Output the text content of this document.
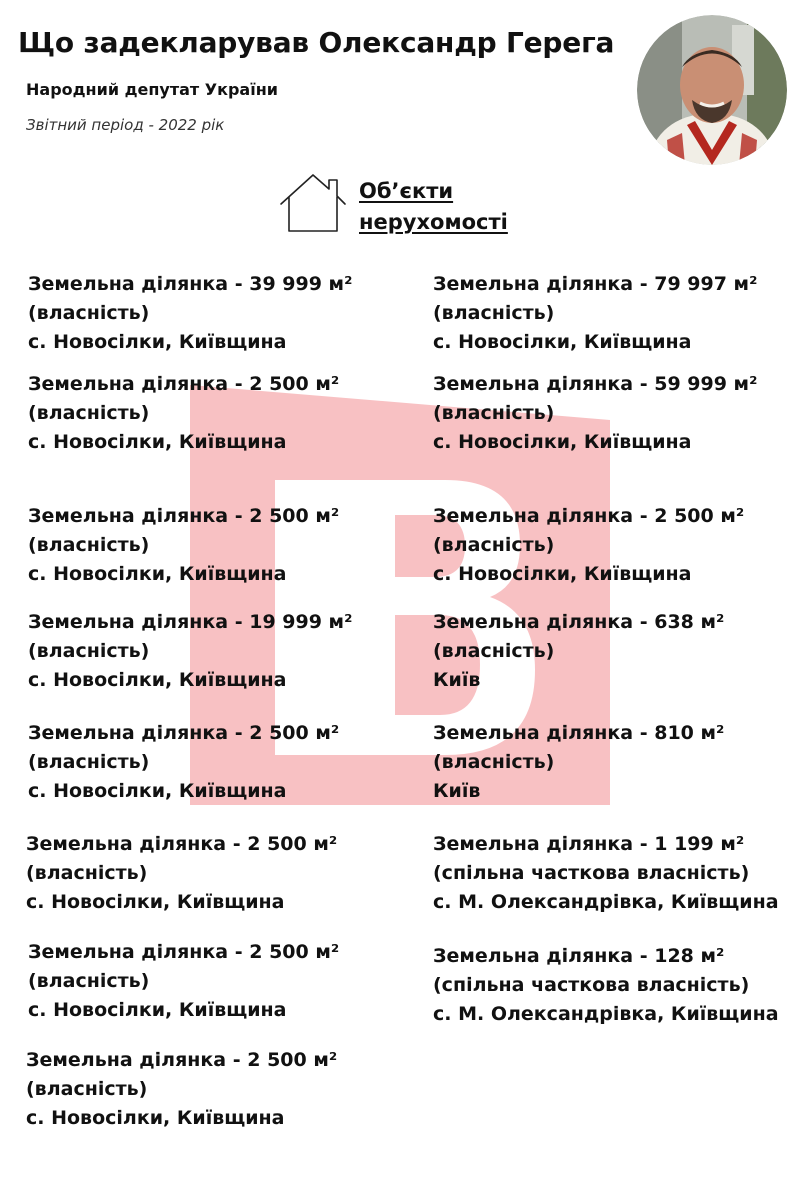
Що задекларував Олександр Герега
Народний депутат України
Звітний період - 2022 рік
Об’єкти
нерухомості
Земельна ділянка - 39 999 м²
(власність)
с. Новосілки, Київщина
Земельна ділянка - 2 500 м²
(власність)
с. Новосілки, Київщина
Земельна ділянка - 2 500 м²
(власність)
с. Новосілки, Київщина
Земельна ділянка - 19 999 м²
(власність)
с. Новосілки, Київщина
Земельна ділянка - 2 500 м²
(власність)
с. Новосілки, Київщина
Земельна ділянка - 2 500 м²
(власність)
с. Новосілки, Київщина
Земельна ділянка - 2 500 м²
(власність)
с. Новосілки, Київщина
Земельна ділянка - 2 500 м²
(власність)
с. Новосілки, Київщина
Земельна ділянка - 79 997 м²
(власність)
с. Новосілки, Київщина
Земельна ділянка - 59 999 м²
(власність)
с. Новосілки, Київщина
Земельна ділянка - 2 500 м²
(власність)
с. Новосілки, Київщина
Земельна ділянка - 638 м²
(власність)
Київ
Земельна ділянка - 810 м²
(власність)
Київ
Земельна ділянка - 1 199 м²
(спільна часткова власність)
с. М. Олександрівка, Київщина
Земельна ділянка - 128 м²
(спільна часткова власність)
с. М. Олександрівка, Київщина
